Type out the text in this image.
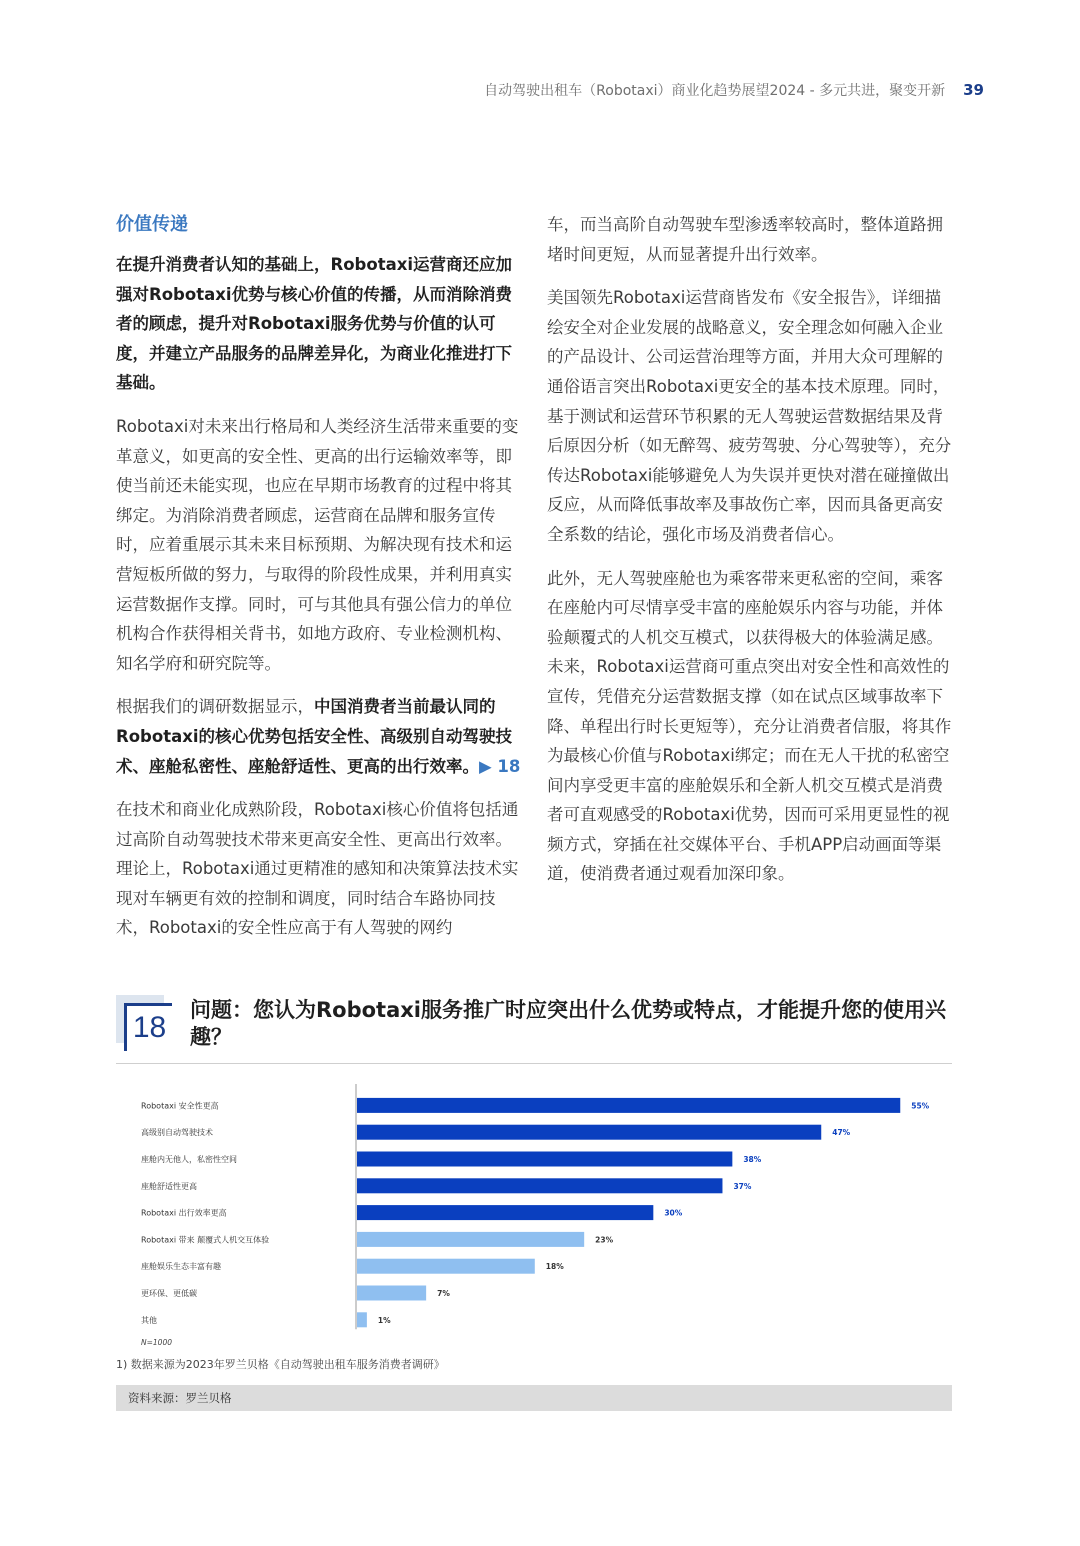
自动驾驶出租车（Robotaxi）商业化趋势展望2024 - 多元共进，聚变开新 39
价值传递

在提升消费者认知的基础上，Robotaxi运营商还应加强对Robotaxi优势与核心价值的传播，从而消除消费者的顾虑，提升对Robotaxi服务优势与价值的认可度，并建立产品服务的品牌差异化，为商业化推进打下基础。

Robotaxi对未来出行格局和人类经济生活带来重要的变革意义，如更高的安全性、更高的出行运输效率等，即使当前还未能实现，也应在早期市场教育的过程中将其绑定。为消除消费者顾虑，运营商在品牌和服务宣传时，应着重展示其未来目标预期、为解决现有技术和运营短板所做的努力，与取得的阶段性成果，并利用真实运营数据作支撑。同时，可与其他具有强公信力的单位机构合作获得相关背书，如地方政府、专业检测机构、知名学府和研究院等。

根据我们的调研数据显示，中国消费者当前最认同的Robotaxi的核心优势包括安全性、高级别自动驾驶技术、座舱私密性、座舱舒适性、更高的出行效率。▶ 18

在技术和商业化成熟阶段，Robotaxi核心价值将包括通过高阶自动驾驶技术带来更高安全性、更高出行效率。理论上，Robotaxi通过更精准的感知和决策算法技术实现对车辆更有效的控制和调度，同时结合车路协同技术，Robotaxi的安全性应高于有人驾驶的网约

车，而当高阶自动驾驶车型渗透率较高时，整体道路拥堵时间更短，从而显著提升出行效率。

美国领先Robotaxi运营商皆发布《安全报告》，详细描绘安全对企业发展的战略意义，安全理念如何融入企业的产品设计、公司运营治理等方面，并用大众可理解的通俗语言突出Robotaxi更安全的基本技术原理。同时，基于测试和运营环节积累的无人驾驶运营数据结果及背后原因分析（如无醉驾、疲劳驾驶、分心驾驶等），充分传达Robotaxi能够避免人为失误并更快对潜在碰撞做出反应，从而降低事故率及事故伤亡率，因而具备更高安全系数的结论，强化市场及消费者信心。

此外，无人驾驶座舱也为乘客带来更私密的空间，乘客在座舱内可尽情享受丰富的座舱娱乐内容与功能，并体验颠覆式的人机交互模式，以获得极大的体验满足感。未来，Robotaxi运营商可重点突出对安全性和高效性的宣传，凭借充分运营数据支撑（如在试点区域事故率下降、单程出行时长更短等），充分让消费者信服，将其作为最核心价值与Robotaxi绑定；而在无人干扰的私密空间内享受更丰富的座舱娱乐和全新人机交互模式是消费者可直观感受的Robotaxi优势，因而可采用更显性的视频方式，穿插在社交媒体平台、手机APP启动画面等渠道，使消费者通过观看加深印象。

18
问题：您认为Robotaxi服务推广时应突出什么优势或特点，才能提升您的使用兴趣？
Robotaxi 安全性更高	55%
高级别自动驾驶技术	47%
座舱内无他人，私密性空间	38%
座舱舒适性更高	37%
Robotaxi 出行效率更高	30%
Robotaxi 带来 颠覆式人机交互体验	23%
座舱娱乐生态丰富有趣	18%
更环保、更低碳	7%
其他	1%
N=1000
1) 数据来源为2023年罗兰贝格《自动驾驶出租车服务消费者调研》
资料来源：罗兰贝格
